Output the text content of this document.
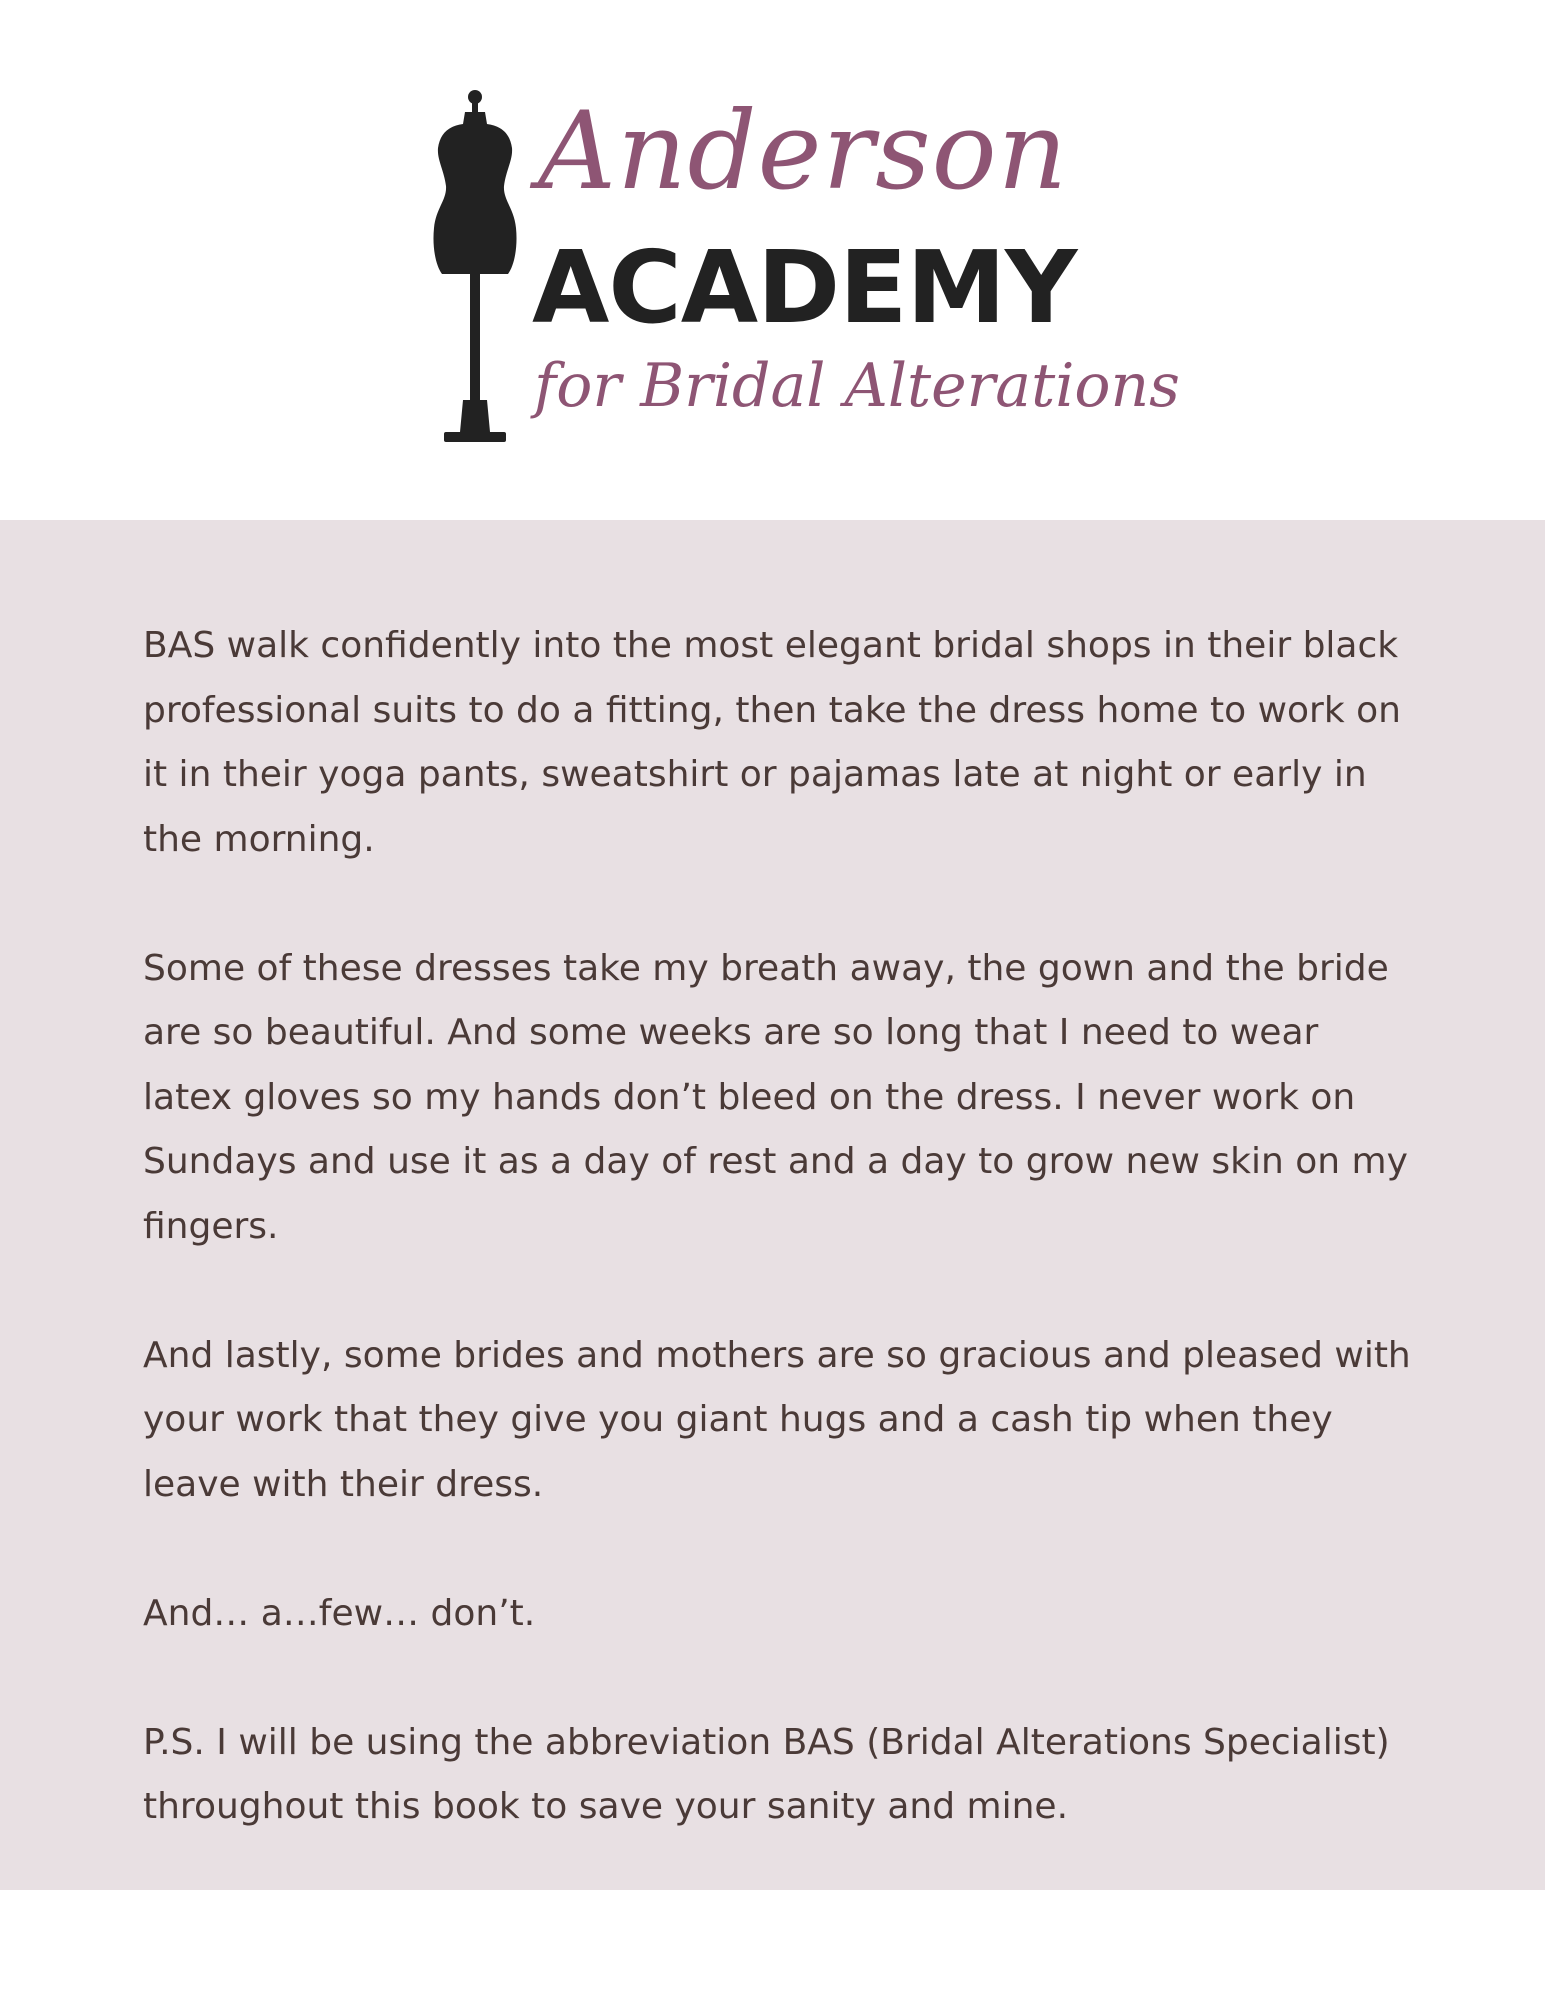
Anderson
ACADEMY
for Bridal Alterations

BAS walk confidently into the most elegant bridal shops in their black professional suits to do a fitting, then take the dress home to work on it in their yoga pants, sweatshirt or pajamas late at night or early in the morning.

Some of these dresses take my breath away, the gown and the bride are so beautiful. And some weeks are so long that I need to wear latex gloves so my hands don’t bleed on the dress. I never work on Sundays and use it as a day of rest and a day to grow new skin on my fingers.

And lastly, some brides and mothers are so gracious and pleased with your work that they give you giant hugs and a cash tip when they leave with their dress.

And… a…few… don’t.

P.S. I will be using the abbreviation BAS (Bridal Alterations Specialist) throughout this book to save your sanity and mine.
